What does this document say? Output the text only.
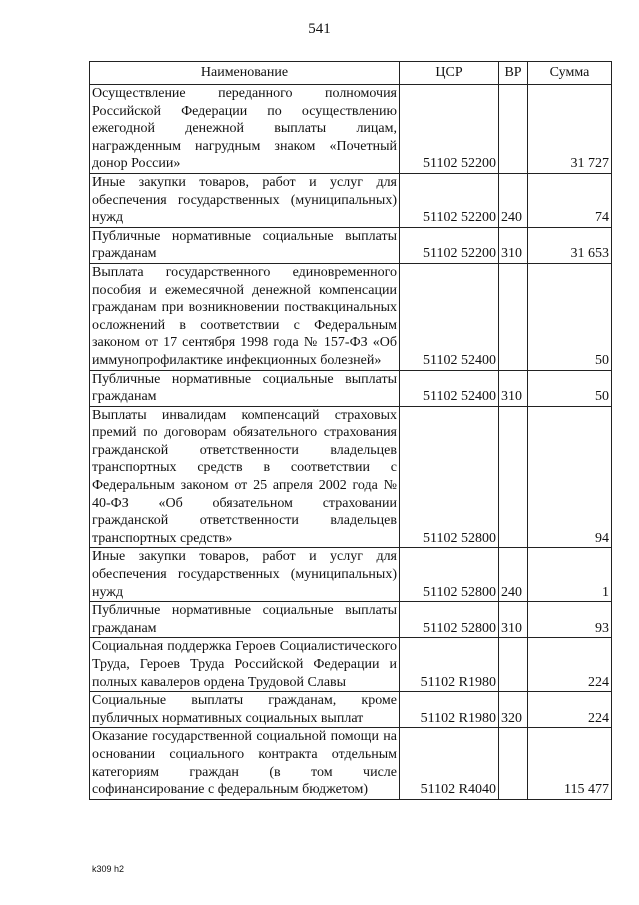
541
Наименование	ЦСР	ВР	Сумма
Осуществление переданного полномочия Российской Федерации по осуществлению ежегодной денежной выплаты лицам, награжденным нагрудным знаком «Почетный донор России»	51102 52200		31 727
Иные закупки товаров, работ и услуг для обеспечения государственных (муниципальных) нужд	51102 52200	240	74
Публичные нормативные социальные выплаты гражданам	51102 52200	310	31 653
Выплата государственного единовременного пособия и ежемесячной денежной компенсации гражданам при возникновении поствакцинальных осложнений в соответствии с Федеральным законом от 17 сентября 1998 года № 157-ФЗ «Об иммунопрофилактике инфекционных болезней»	51102 52400		50
Публичные нормативные социальные выплаты гражданам	51102 52400	310	50
Выплаты инвалидам компенсаций страховых премий по договорам обязательного страхования гражданской ответственности владельцев транспортных средств в соответствии с Федеральным законом от 25 апреля 2002 года № 40-ФЗ «Об обязательном страховании гражданской ответственности владельцев транспортных средств»	51102 52800		94
Иные закупки товаров, работ и услуг для обеспечения государственных (муниципальных) нужд	51102 52800	240	1
Публичные нормативные социальные выплаты гражданам	51102 52800	310	93
Социальная поддержка Героев Социалистического Труда, Героев Труда Российской Федерации и полных кавалеров ордена Трудовой Славы	51102 R1980		224
Социальные выплаты гражданам, кроме публичных нормативных социальных выплат	51102 R1980	320	224
Оказание государственной социальной помощи на основании социального контракта отдельным категориям граждан (в том числе софинансирование с федеральным бюджетом)	51102 R4040		115 477
k309 h2
